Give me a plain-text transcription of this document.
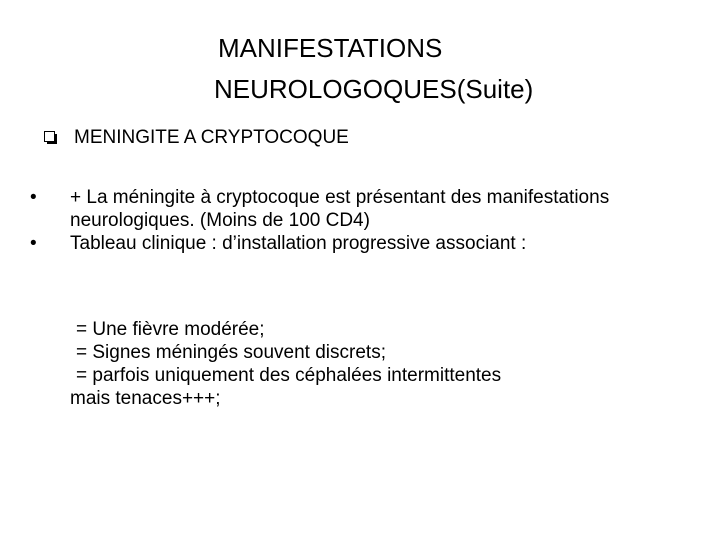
MANIFESTATIONS
NEUROLOGOQUES(Suite)
MENINGITE A CRYPTOCOQUE
• + La méningite à cryptocoque est présentant des manifestations neurologiques. (Moins de 100 CD4)
• Tableau clinique : d’installation progressive associant :
= Une fièvre modérée;
= Signes méningés souvent discrets;
= parfois uniquement des céphalées intermittentes
mais tenaces+++;
